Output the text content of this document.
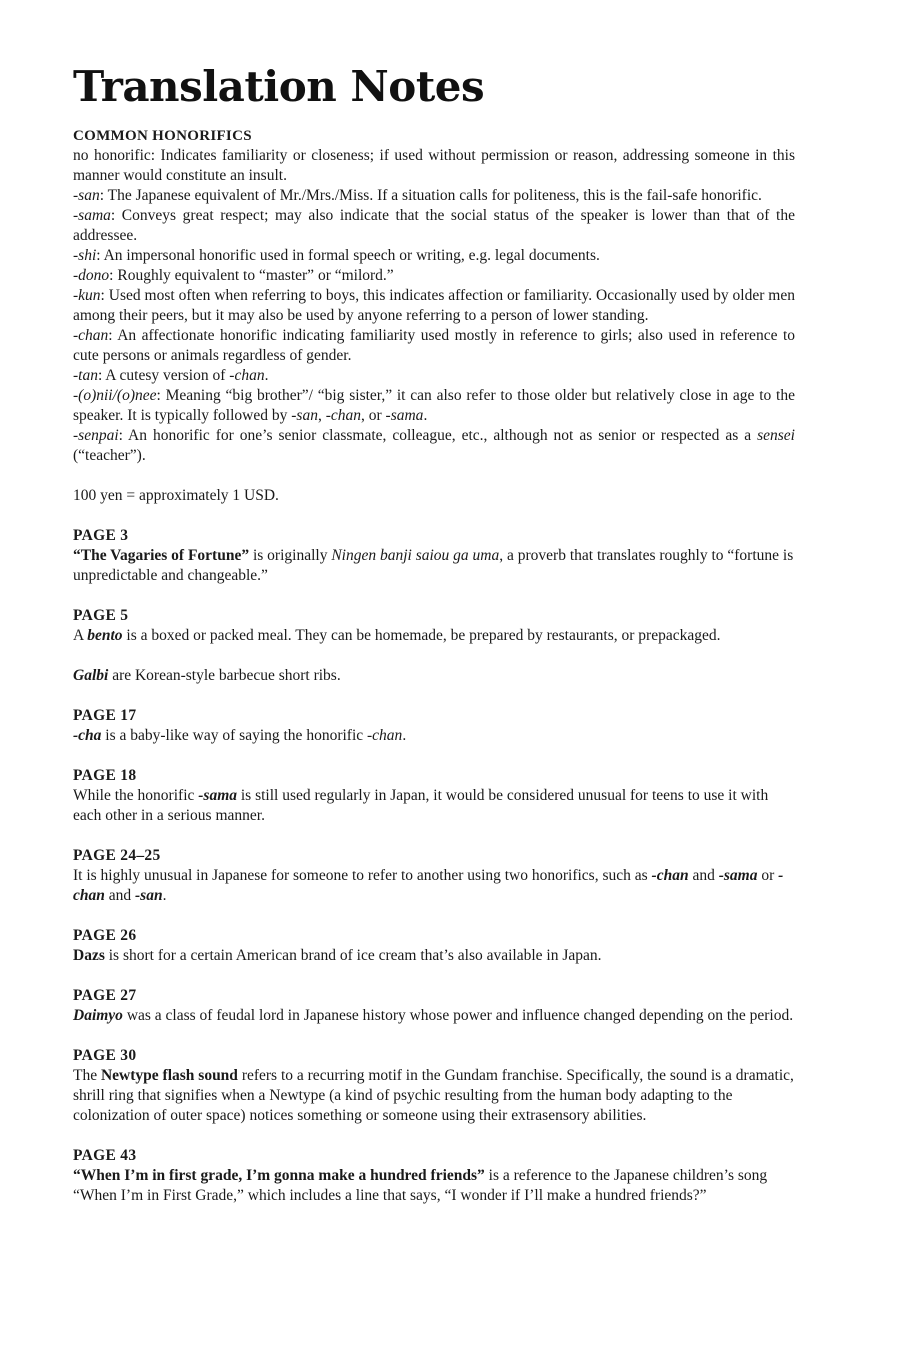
Translation Notes
COMMON HONORIFICS

no honorific: Indicates familiarity or closeness; if used without permission or reason, addressing someone in this manner would constitute an insult.

-san: The Japanese equivalent of Mr./Mrs./Miss. If a situation calls for politeness, this is the fail-safe honorific.

-sama: Conveys great respect; may also indicate that the social status of the speaker is lower than that of the addressee.

-shi: An impersonal honorific used in formal speech or writing, e.g. legal documents.

-dono: Roughly equivalent to “master” or “milord.”

-kun: Used most often when referring to boys, this indicates affection or familiarity. Occasionally used by older men among their peers, but it may also be used by anyone referring to a person of lower standing.

-chan: An affectionate honorific indicating familiarity used mostly in reference to girls; also used in reference to cute persons or animals regardless of gender.

-tan: A cutesy version of -chan.

-(o)nii/(o)nee: Meaning “big brother”/ “big sister,” it can also refer to those older but relatively close in age to the speaker. It is typically followed by -san, -chan, or -sama.

-senpai: An honorific for one’s senior classmate, colleague, etc., although not as senior or respected as a sensei (“teacher”).

100 yen = approximately 1 USD.

PAGE 3

“The Vagaries of Fortune” is originally Ningen banji saiou ga uma, a proverb that translates roughly to “fortune is unpredictable and changeable.”

PAGE 5

A bento is a boxed or packed meal. They can be homemade, be prepared by restaurants, or prepackaged.

Galbi are Korean-style barbecue short ribs.

PAGE 17

-cha is a baby-like way of saying the honorific -chan.

PAGE 18

While the honorific -sama is still used regularly in Japan, it would be considered unusual for teens to use it with each other in a serious manner.

PAGE 24–25

It is highly unusual in Japanese for someone to refer to another using two honorifics, such as -chan and -sama or -chan and -san.

PAGE 26

Dazs is short for a certain American brand of ice cream that’s also available in Japan.

PAGE 27

Daimyo was a class of feudal lord in Japanese history whose power and influence changed depending on the period.

PAGE 30

The Newtype flash sound refers to a recurring motif in the Gundam franchise. Specifically, the sound is a dramatic, shrill ring that signifies when a Newtype (a kind of psychic resulting from the human body adapting to the colonization of outer space) notices something or someone using their extrasensory abilities.

PAGE 43

“When I’m in first grade, I’m gonna make a hundred friends” is a reference to the Japanese children’s song “When I’m in First Grade,” which includes a line that says, “I wonder if I’ll make a hundred friends?”
